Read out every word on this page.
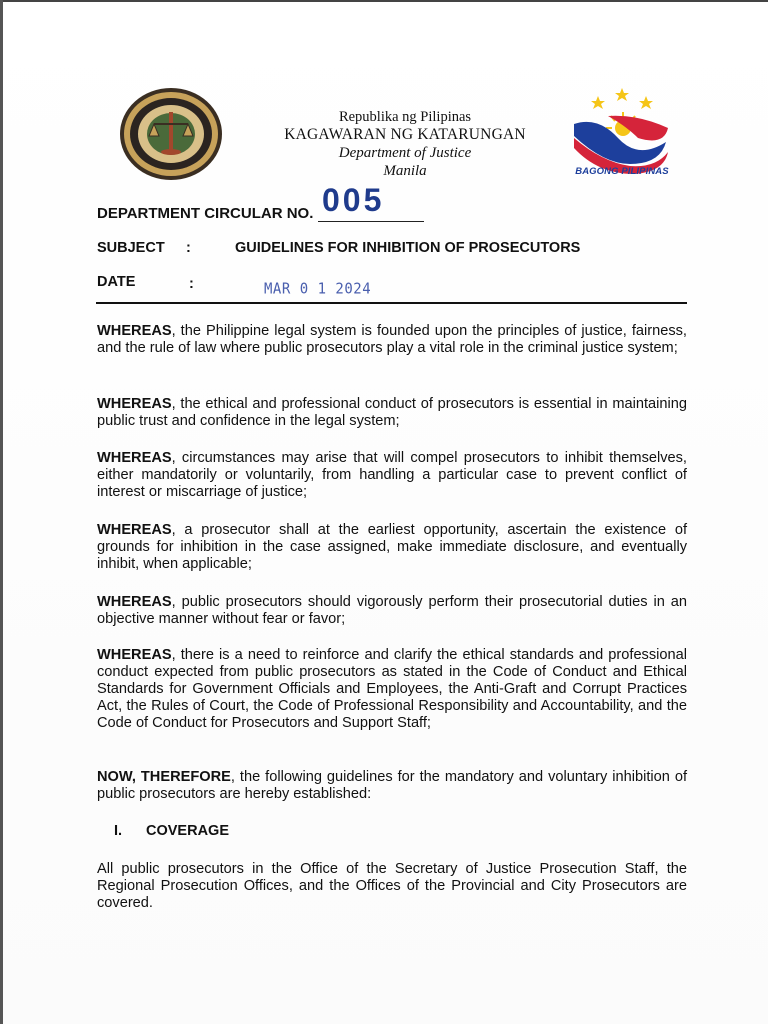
Republika ng Pilipinas
KAGAWARAN NG KATARUNGAN
Department of Justice
Manila	BAGONG PILIPINAS
DEPARTMENT CIRCULAR NO. 005
SUBJECT :	GUIDELINES FOR INHIBITION OF PROSECUTORS
DATE	:	MAR 0 1 2024

WHEREAS, the Philippine legal system is founded upon the principles of justice, fairness, and the rule of law where public prosecutors play a vital role in the criminal justice system;

WHEREAS, the ethical and professional conduct of prosecutors is essential in maintaining public trust and confidence in the legal system;

WHEREAS, circumstances may arise that will compel prosecutors to inhibit themselves, either mandatorily or voluntarily, from handling a particular case to prevent conflict of interest or miscarriage of justice;

WHEREAS, a prosecutor shall at the earliest opportunity, ascertain the existence of grounds for inhibition in the case assigned, make immediate disclosure, and eventually inhibit, when applicable;

WHEREAS, public prosecutors should vigorously perform their prosecutorial duties in an objective manner without fear or favor;

WHEREAS, there is a need to reinforce and clarify the ethical standards and professional conduct expected from public prosecutors as stated in the Code of Conduct and Ethical Standards for Government Officials and Employees, the Anti-Graft and Corrupt Practices Act, the Rules of Court, the Code of Professional Responsibility and Accountability, and the Code of Conduct for Prosecutors and Support Staff;

NOW, THEREFORE, the following guidelines for the mandatory and voluntary inhibition of public prosecutors are hereby established:

I. COVERAGE

All public prosecutors in the Office of the Secretary of Justice Prosecution Staff, the Regional Prosecution Offices, and the Offices of the Provincial and City Prosecutors are covered.
